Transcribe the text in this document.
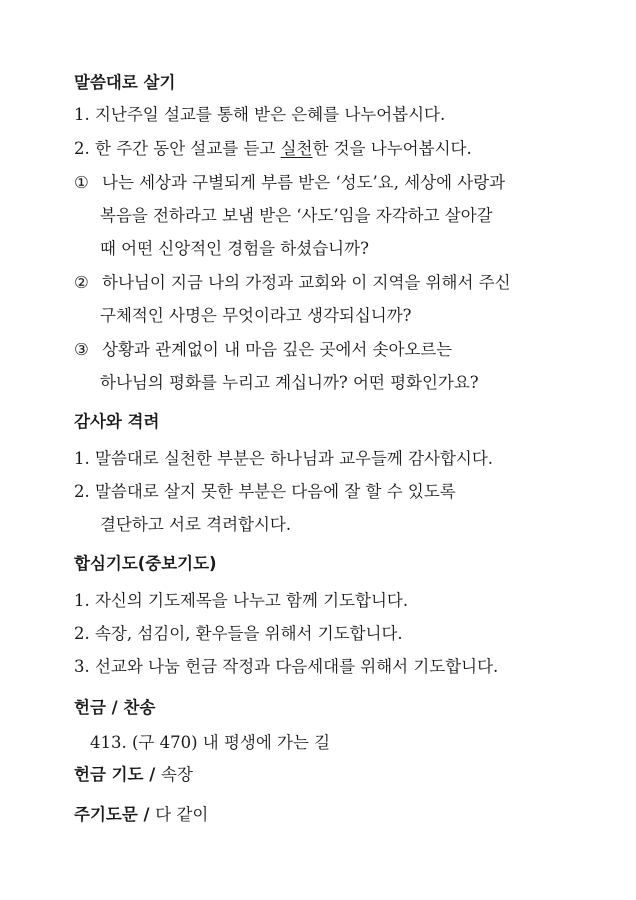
말씀대로 살기
1. 지난주일 설교를 통해 받은 은혜를 나누어봅시다.
2. 한 주간 동안 설교를 듣고 실천한 것을 나누어봅시다.
① 나는 세상과 구별되게 부름 받은 ‘성도’요, 세상에 사랑과
복음을 전하라고 보냄 받은 ‘사도’임을 자각하고 살아갈
때 어떤 신앙적인 경험을 하셨습니까?
② 하나님이 지금 나의 가정과 교회와 이 지역을 위해서 주신
구체적인 사명은 무엇이라고 생각되십니까?
③ 상황과 관계없이 내 마음 깊은 곳에서 솟아오르는
하나님의 평화를 누리고 계십니까? 어떤 평화인가요?
감사와 격려
1. 말씀대로 실천한 부분은 하나님과 교우들께 감사합시다.
2. 말씀대로 살지 못한 부분은 다음에 잘 할 수 있도록
결단하고 서로 격려합시다.
합심기도(중보기도)
1. 자신의 기도제목을 나누고 함께 기도합니다.
2. 속장, 섬김이, 환우들을 위해서 기도합니다.
3. 선교와 나눔 헌금 작정과 다음세대를 위해서 기도합니다.
헌금 / 찬송
413. (구 470) 내 평생에 가는 길
헌금 기도 / 속장
주기도문 / 다 같이
